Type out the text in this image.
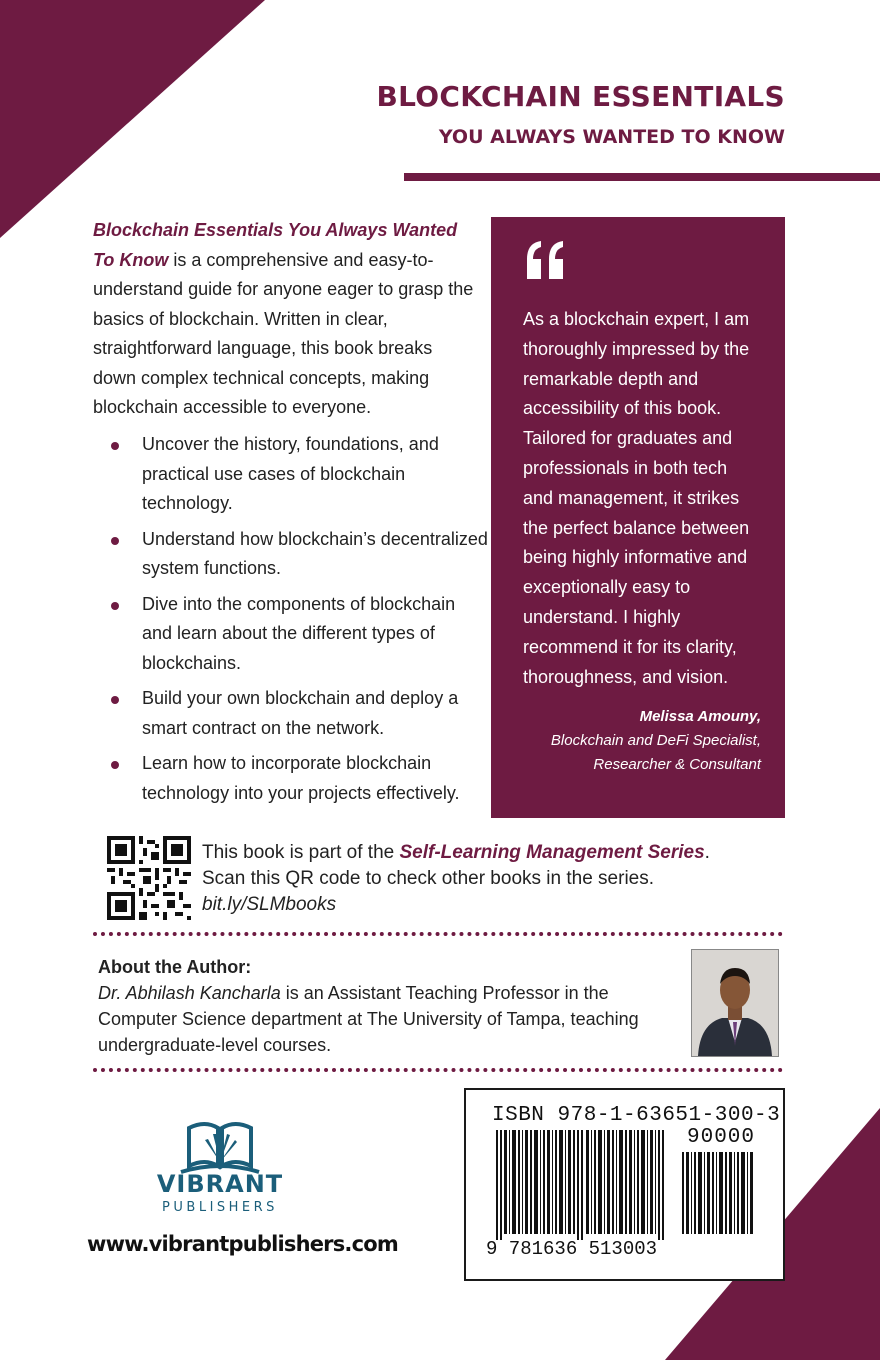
BLOCKCHAIN ESSENTIALS
YOU ALWAYS WANTED TO KNOW

Blockchain Essentials You Always Wanted To Know is a comprehensive and easy-to-understand guide for anyone eager to grasp the basics of blockchain. Written in clear, straightforward language, this book breaks down complex technical concepts, making blockchain accessible to everyone.

Uncover the history, foundations, and practical use cases of blockchain technology.
Understand how blockchain’s decentralized system functions.
Dive into the components of blockchain and learn about the different types of blockchains.
Build your own blockchain and deploy a smart contract on the network.
Learn how to incorporate blockchain technology into your projects effectively.

As a blockchain expert, I am thoroughly impressed by the remarkable depth and accessibility of this book. Tailored for graduates and professionals in both tech and management, it strikes the perfect balance between being highly informative and exceptionally easy to understand. I highly recommend it for its clarity, thoroughness, and vision.

Melissa Amouny,

Blockchain and DeFi Specialist,
Researcher & Consultant

This book is part of the Self-Learning Management Series.
Scan this QR code to check other books in the series.
bit.ly/SLMbooks

About the Author:
Dr. Abhilash Kancharla is an Assistant Teaching Professor in the Computer Science department at The University of Tampa, teaching undergraduate-level courses.

VIBRANT
PUBLISHERS

www.vibrantpublishers.com

ISBN 978-1-63651-300-3

90000

9 781636 513003
